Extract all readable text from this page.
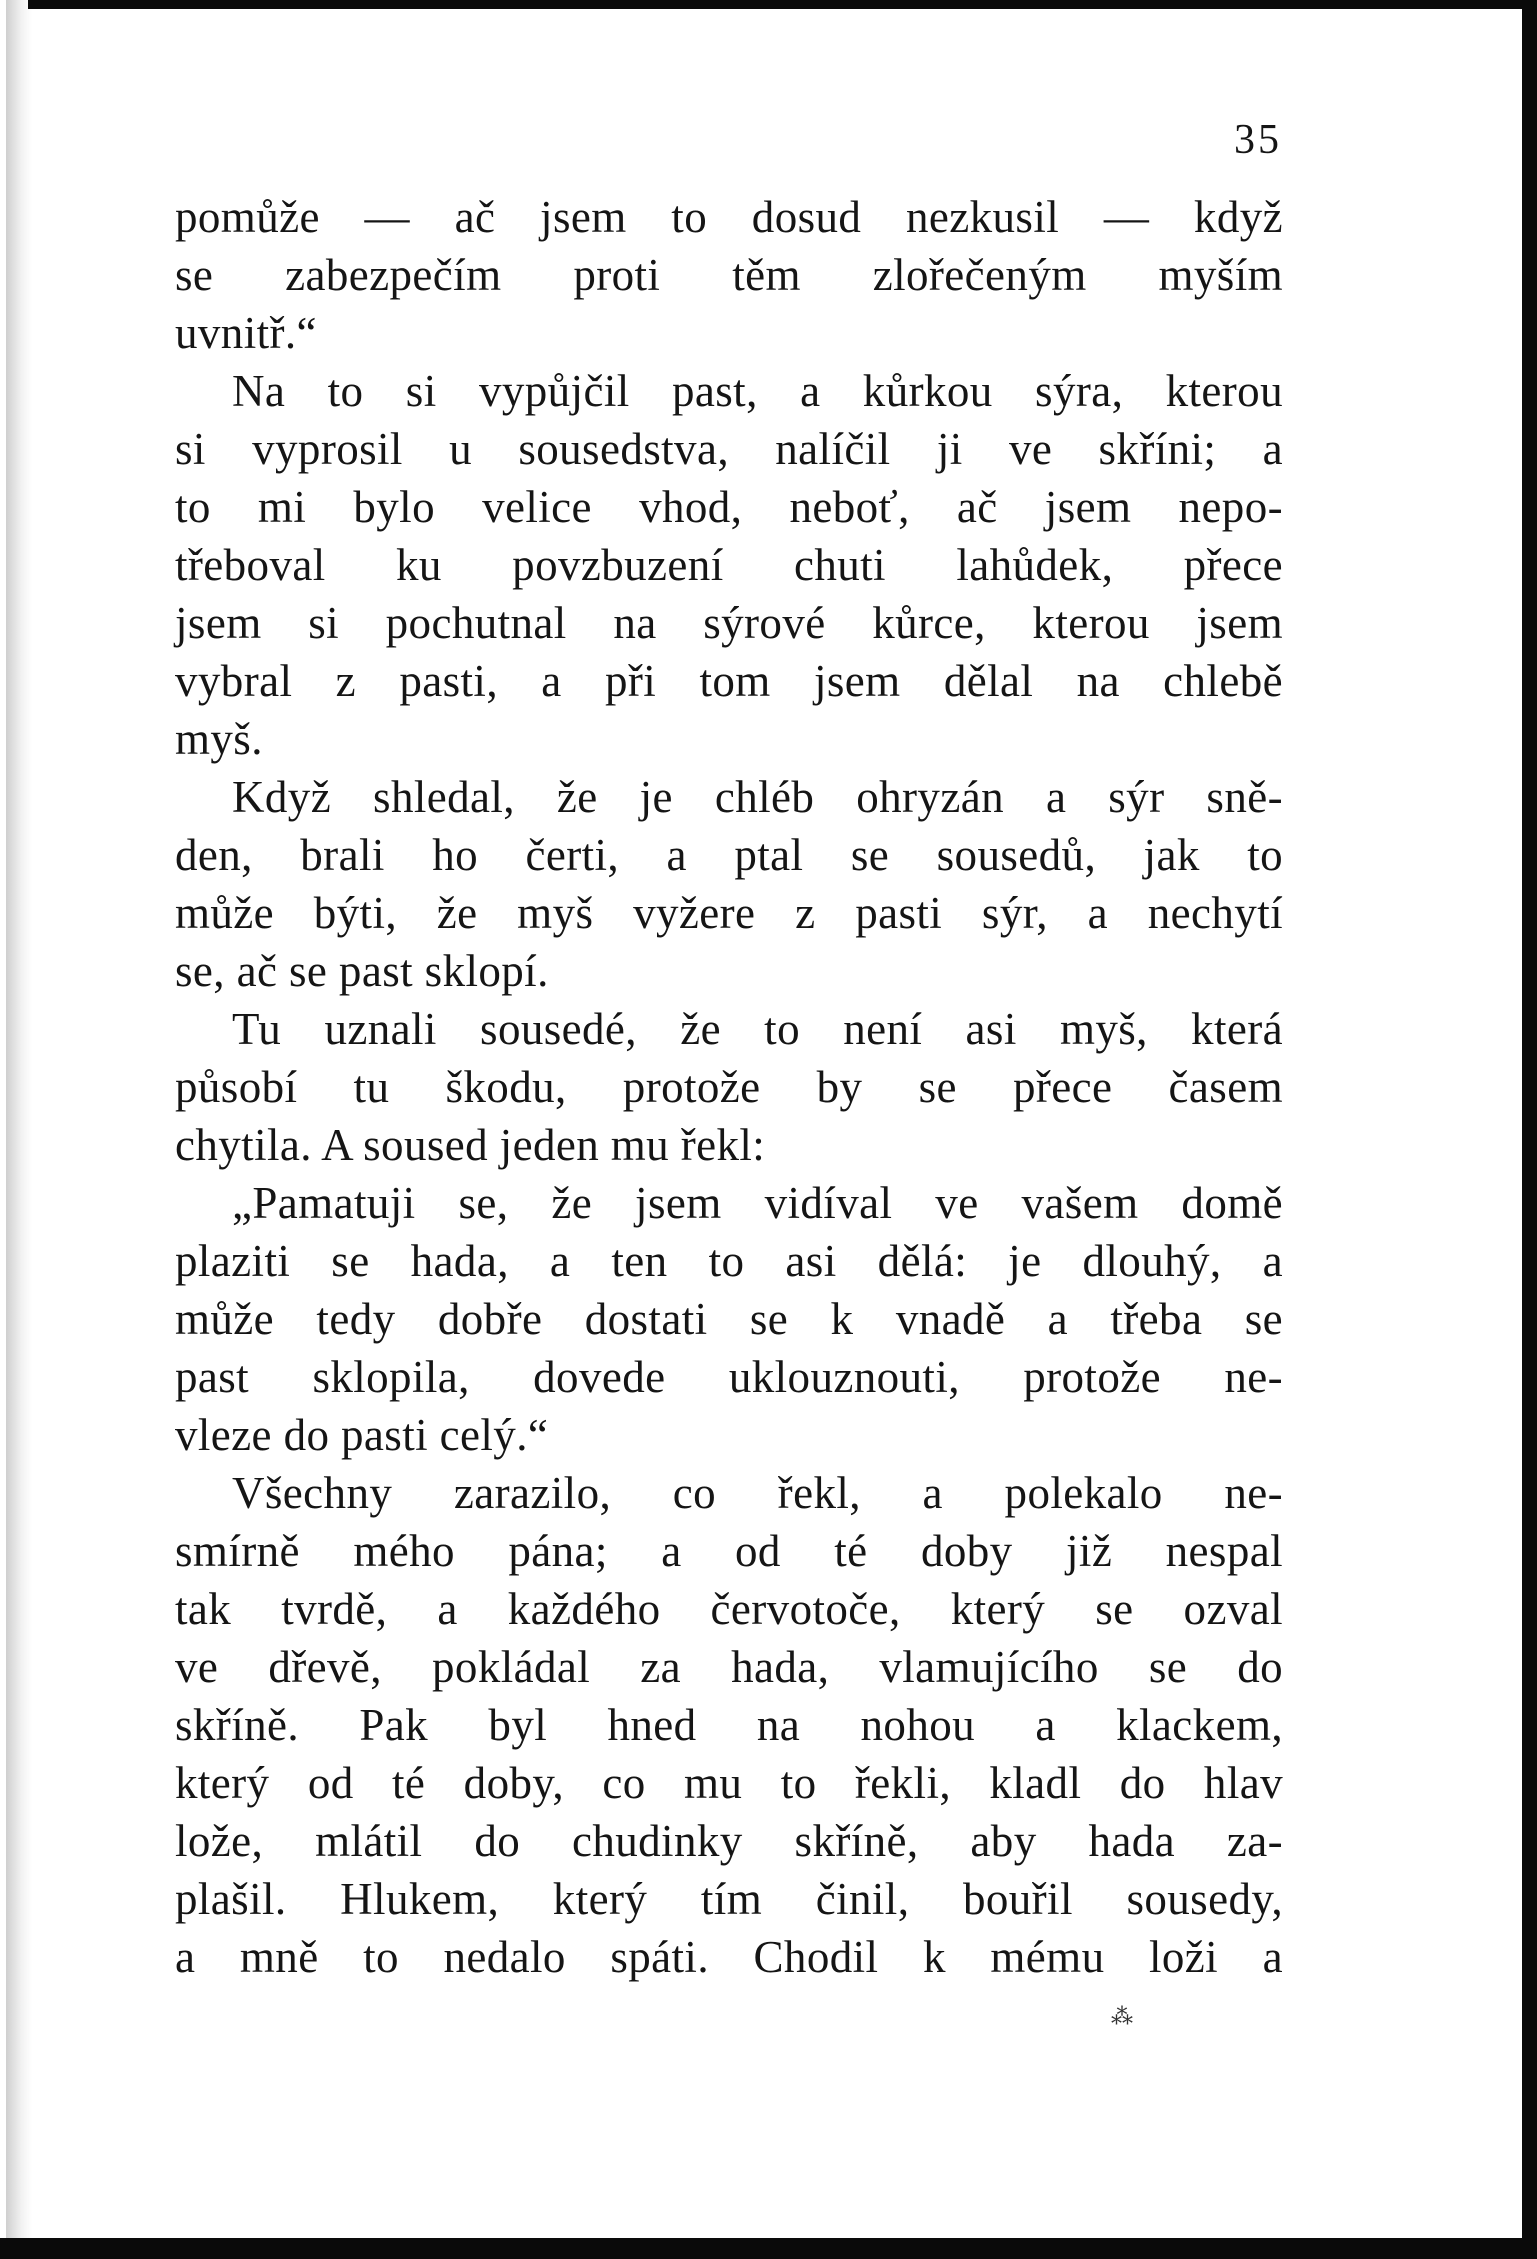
35
pomůže — ač jsem to dosud nezkusil — když
se zabezpečím proti těm zlořečeným myším
uvnitř.“
Na to si vypůjčil past, a kůrkou sýra, kterou
si vyprosil u sousedstva, nalíčil ji ve skříni; a
to mi bylo velice vhod, neboť, ač jsem nepo-
třeboval ku povzbuzení chuti lahůdek, přece
jsem si pochutnal na sýrové kůrce, kterou jsem
vybral z pasti, a při tom jsem dělal na chlebě
myš.
Když shledal, že je chléb ohryzán a sýr sně-
den, brali ho čerti, a ptal se sousedů, jak to
může býti, že myš vyžere z pasti sýr, a nechytí
se, ač se past sklopí.
Tu uznali sousedé, že to není asi myš, která
působí tu škodu, protože by se přece časem
chytila. A soused jeden mu řekl:
„Pamatuji se, že jsem vidíval ve vašem domě
plaziti se hada, a ten to asi dělá: je dlouhý, a
může tedy dobře dostati se k vnadě a třeba se
past sklopila, dovede uklouznouti, protože ne-
vleze do pasti celý.“
Všechny zarazilo, co řekl, a polekalo ne-
smírně mého pána; a od té doby již nespal
tak tvrdě, a každého červotoče, který se ozval
ve dřevě, pokládal za hada, vlamujícího se do
skříně. Pak byl hned na nohou a klackem,
který od té doby, co mu to řekli, kladl do hlav
lože, mlátil do chudinky skříně, aby hada za-
plašil. Hlukem, který tím činil, bouřil sousedy,
a mně to nedalo spáti. Chodil k mému loži a
⁂
